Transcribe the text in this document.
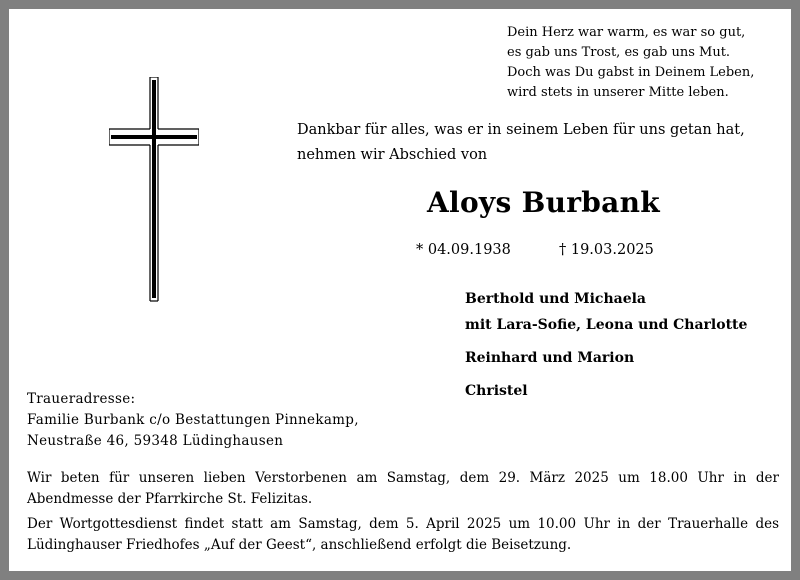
Dein Herz war warm, es war so gut,
es gab uns Trost, es gab uns Mut.
Doch was Du gabst in Deinem Leben,
wird stets in unserer Mitte leben.
Dankbar für alles, was er in seinem Leben für uns getan hat,
nehmen wir Abschied von
Aloys Burbank
* 04.09.1938	† 19.03.2025
Berthold und Michaela
mit Lara-Sofie, Leona und Charlotte
Reinhard und Marion
Christel
Traueradresse:
Familie Burbank c/o Bestattungen Pinnekamp,
Neustraße 46, 59348 Lüdinghausen
Wir beten für unseren lieben Verstorbenen am Samstag, dem 29. März 2025 um 18.00 Uhr in der
Abendmesse der Pfarrkirche St. Felizitas.
Der Wortgottesdienst findet statt am Samstag, dem 5. April 2025 um 10.00 Uhr in der Trauerhalle des
Lüdinghauser Friedhofes „Auf der Geest“, anschließend erfolgt die Beisetzung.
